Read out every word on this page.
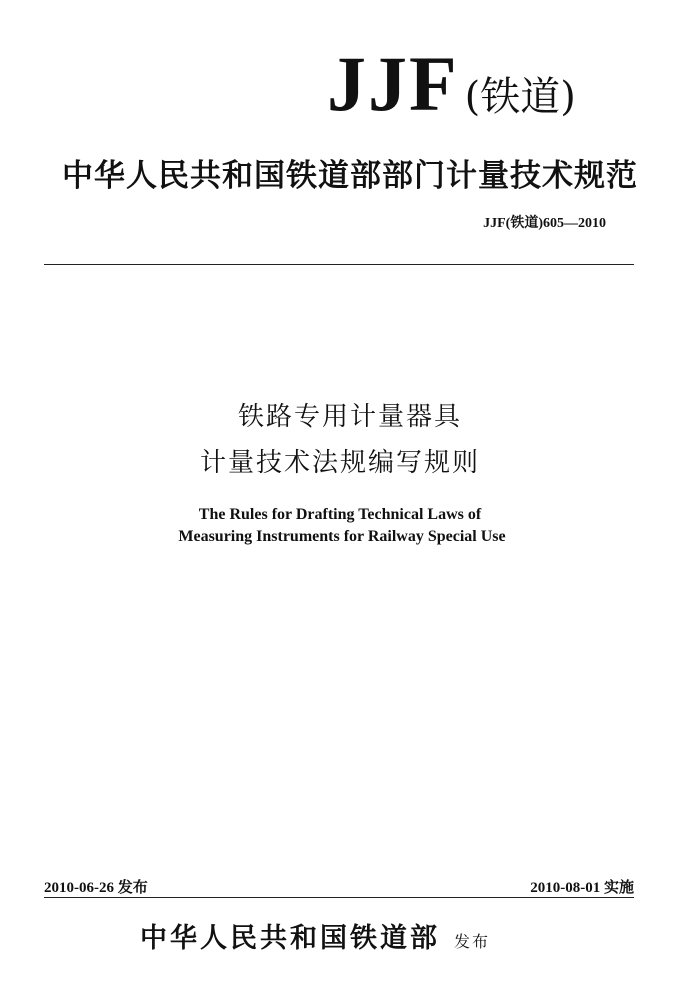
JJF (铁道)
中华人民共和国铁道部部门计量技术规范
JJF(铁道)605—2010
铁路专用计量器具
计量技术法规编写规则
The Rules for Drafting Technical Laws of
Measuring Instruments for Railway Special Use
2010-06-26 发布	2010-08-01 实施
中华人民共和国铁道部 发布
